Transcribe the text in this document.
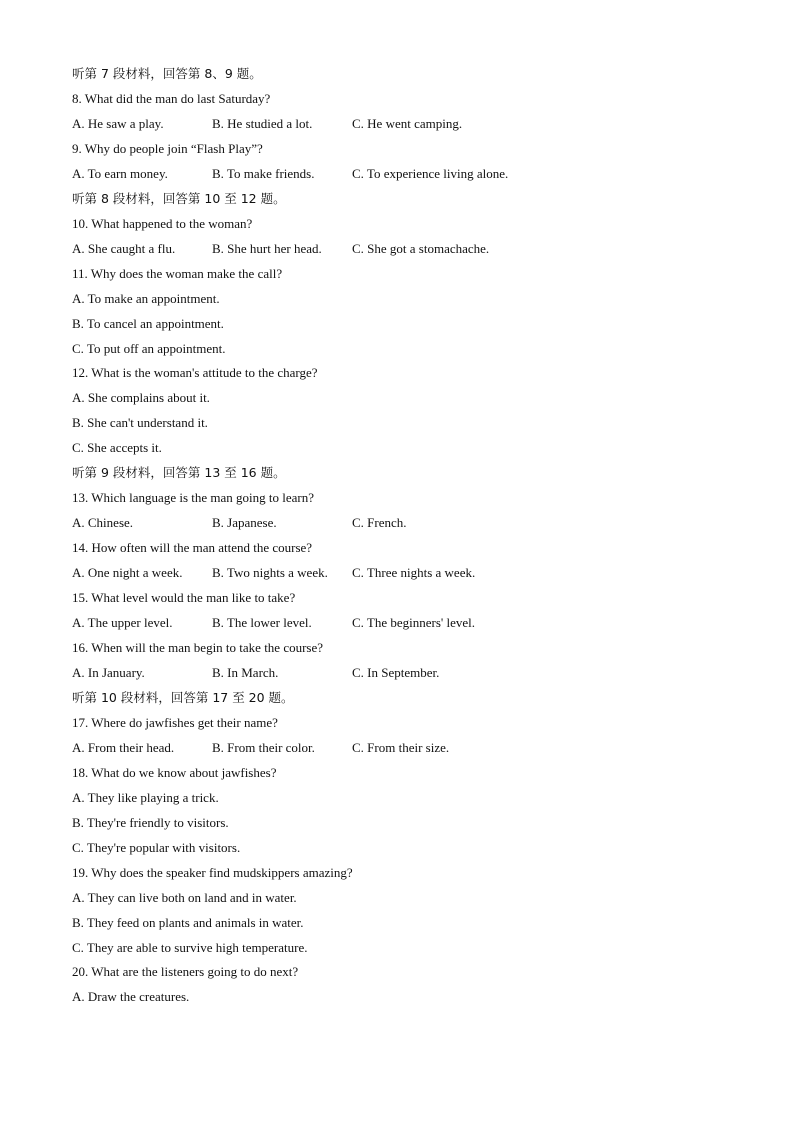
听第 7 段材料，回答第 8、9 题。
8. What did the man do last Saturday?
A. He saw a play.	B. He studied a lot.	C. He went camping.
9. Why do people join “Flash Play”?
A. To earn money.	B. To make friends.	C. To experience living alone.
听第 8 段材料，回答第 10 至 12 题。
10. What happened to the woman?
A. She caught a flu.	B. She hurt her head. C. She got a stomachache.
11. Why does the woman make the call?
A. To make an appointment.
B. To cancel an appointment.
C. To put off an appointment.
12. What is the woman's attitude to the charge?
A. She complains about it.
B. She can't understand it.
C. She accepts it.
听第 9 段材料，回答第 13 至 16 题。
13. Which language is the man going to learn?
A. Chinese.	B. Japanese.	C. French.
14. How often will the man attend the course?
A. One night a week. B. Two nights a week. C. Three nights a week.
15. What level would the man like to take?
A. The upper level.	B. The lower level.	C. The beginners' level.
16. When will the man begin to take the course?
A. In January.	B. In March.	C. In September.
听第 10 段材料，回答第 17 至 20 题。
17. Where do jawfishes get their name?
A. From their head.	B. From their color.	C. From their size.
18. What do we know about jawfishes?
A. They like playing a trick.
B. They're friendly to visitors.
C. They're popular with visitors.
19. Why does the speaker find mudskippers amazing?
A. They can live both on land and in water.
B. They feed on plants and animals in water.
C. They are able to survive high temperature.
20. What are the listeners going to do next?
A. Draw the creatures.
